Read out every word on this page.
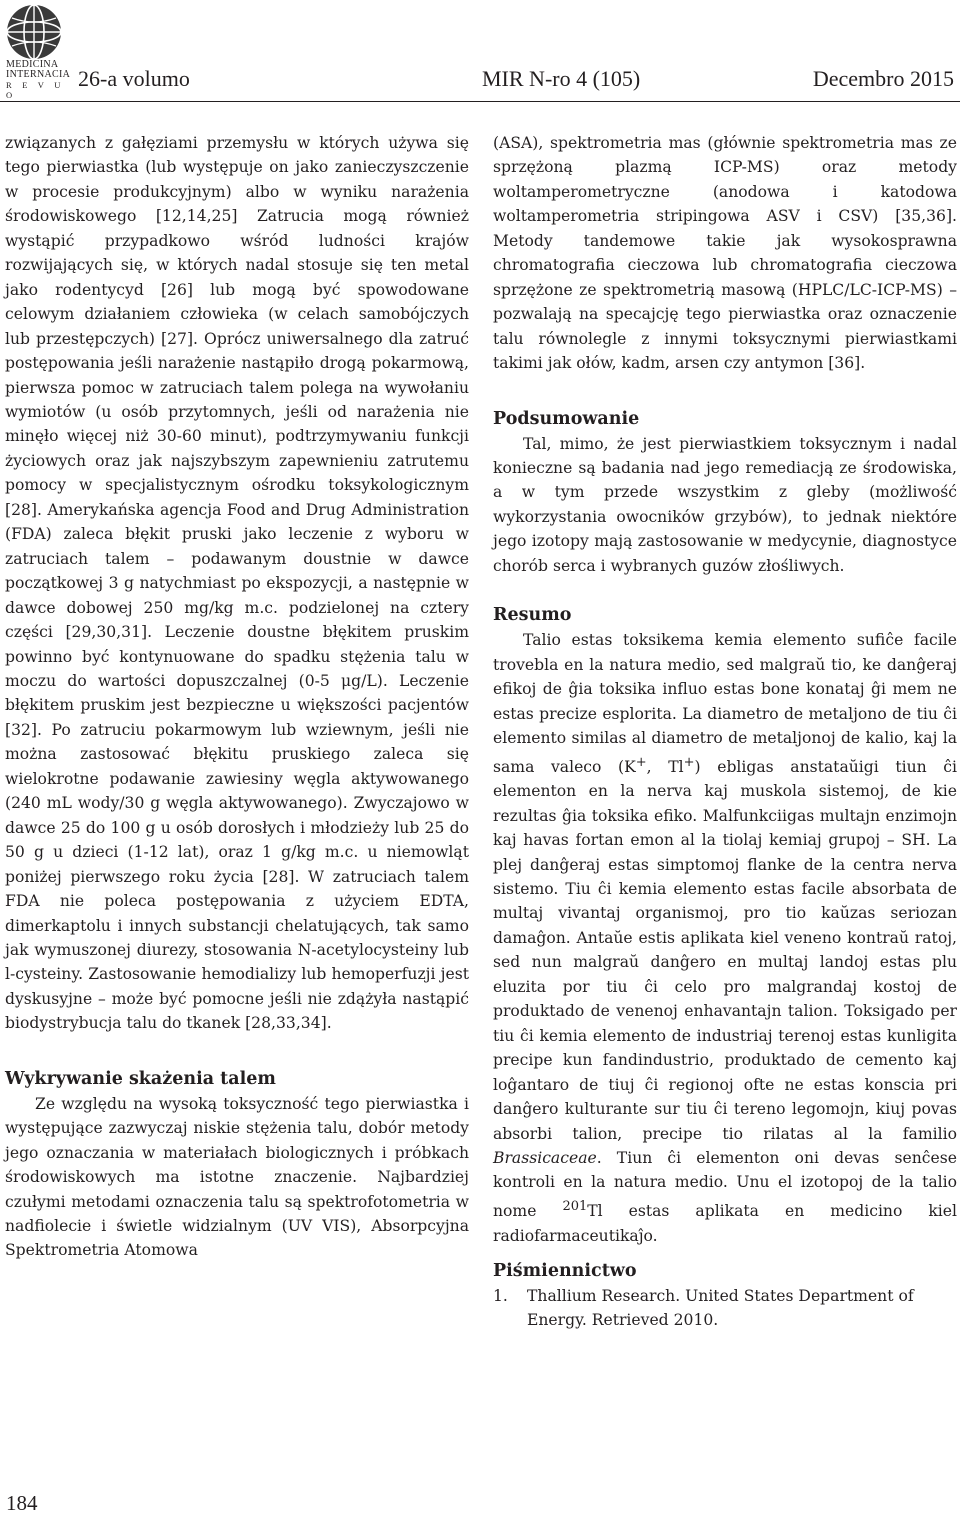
MEDICINA
INTERNACIA
R E V U O
26-a volumo	MIR N-ro 4 (105)	Decembro 2015

związanych z gałęziami przemysłu w których używa się tego pierwiastka (lub występuje on jako zanieczyszczenie w procesie produkcyjnym) albo w wyniku narażenia środowiskowego [12,14,25] Zatrucia mogą również wystąpić przypadkowo wśród ludności krajów rozwijających się, w których nadal stosuje się ten metal jako rodentycyd [26] lub mogą być spowodowane celowym działaniem człowieka (w celach samobójczych lub przestępczych) [27]. Oprócz uniwersalnego dla zatruć postępowania jeśli narażenie nastąpiło drogą pokarmową, pierwsza pomoc w zatruciach talem polega na wywołaniu wymiotów (u osób przytomnych, jeśli od narażenia nie minęło więcej niż 30-60 minut), podtrzymywaniu funkcji życiowych oraz jak najszybszym zapewnieniu zatrutemu pomocy w specjalistycznym ośrodku toksykologicznym [28]. Amerykańska agencja Food and Drug Administration (FDA) zaleca błękit pruski jako leczenie z wyboru w zatruciach talem – podawanym doustnie w dawce początkowej 3 g natychmiast po ekspozycji, a następnie w dawce dobowej 250 mg/kg m.c. podzielonej na cztery części [29,30,31]. Leczenie doustne błękitem pruskim powinno być kontynuowane do spadku stężenia talu w moczu do wartości dopuszczalnej (0-5 μg/L). Leczenie błękitem pruskim jest bezpieczne u większości pacjentów [32]. Po zatruciu pokarmowym lub wziewnym, jeśli nie można zastosować błękitu pruskiego zaleca się wielokrotne podawanie zawiesiny węgla aktywowanego (240 mL wody/30 g węgla aktywowanego). Zwyczajowo w dawce 25 do 100 g u osób dorosłych i młodzieży lub 25 do 50 g u dzieci (1-12 lat), oraz 1 g/kg m.c. u niemowląt poniżej pierwszego roku życia [28]. W zatruciach talem FDA nie poleca postępowania z użyciem EDTA, dimerkaptolu i innych substancji chelatujących, tak samo jak wymuszonej diurezy, stosowania N-acetylocysteiny lub l-cysteiny. Zastosowanie hemodializy lub hemoperfuzji jest dyskusyjne – może być pomocne jeśli nie zdążyła nastąpić biodystrybucja talu do tkanek [28,33,34].

Wykrywanie skażenia talem

Ze względu na wysoką toksyczność tego pierwiastka i występujące zazwyczaj niskie stężenia talu, dobór metody jego oznaczania w materiałach biologicznych i próbkach środowiskowych ma istotne znaczenie. Najbardziej czułymi metodami oznaczenia talu są spektrofotometria w nadfiolecie i świetle widzialnym (UV VIS), Absorpcyjna Spektrometria Atomowa

(ASA), spektrometria mas (głównie spektrometria mas ze sprzężoną plazmą ICP-MS) oraz metody woltamperometryczne (anodowa i katodowa woltamperometria stripingowa ASV i CSV) [35,36]. Metody tandemowe takie jak wysokosprawna chromatografia cieczowa lub chromatografia cieczowa sprzężone ze spektrometrią masową (HPLC/LC-ICP-MS) – pozwalają na specajcję tego pierwiastka oraz oznaczenie talu równolegle z innymi toksycznymi pierwiastkami takimi jak ołów, kadm, arsen czy antymon [36].

Podsumowanie

Tal, mimo, że jest pierwiastkiem toksycznym i nadal konieczne są badania nad jego remediacją ze środowiska, a w tym przede wszystkim z gleby (możliwość wykorzystania owocników grzybów), to jednak niektóre jego izotopy mają zastosowanie w medycynie, diagnostyce chorób serca i wybranych guzów złośliwych.

Resumo

Talio estas toksikema kemia elemento sufiĉe facile trovebla en la natura medio, sed malgraŭ tio, ke danĝeraj efikoj de ĝia toksika influo estas bone konataj ĝi mem ne estas precize esplorita. La diametro de metaljono de tiu ĉi elemento similas al diametro de metaljonoj de kalio, kaj la sama valeco (K+, Tl+) ebligas anstataŭigi tiun ĉi elementon en la nerva kaj muskola sistemoj, de kie rezultas ĝia toksika efiko. Malfunkciigas multajn enzimojn kaj havas fortan emon al la tiolaj kemiaj grupoj – SH. La plej danĝeraj estas simptomoj flanke de la centra nerva sistemo. Tiu ĉi kemia elemento estas facile absorbata de multaj vivantaj organismoj, pro tio kaŭzas seriozan damaĝon. Antaŭe estis aplikata kiel veneno kontraŭ ratoj, sed nun malgraŭ danĝero en multaj landoj estas plu eluzita por tiu ĉi celo pro malgrandaj kostoj de produktado de venenoj enhavantajn talion. Toksigado per tiu ĉi kemia elemento de industriaj terenoj estas kunligita precipe kun fandindustrio, produktado de cemento kaj loĝantaro de tiuj ĉi regionoj ofte ne estas konscia pri danĝero kulturante sur tiu ĉi tereno legomojn, kiuj povas absorbi talion, precipe tio rilatas al la familio Brassicaceae. Tiun ĉi elementon oni devas senĉese kontroli en la natura medio. Unu el izotopoj de la talio nome $^{201}$Tl estas aplikata en medicino kiel radiofarmaceutikaĵo.

Piśmiennictwo
1. Thallium Research. United States Department of Energy. Retrieved 2010.
184
